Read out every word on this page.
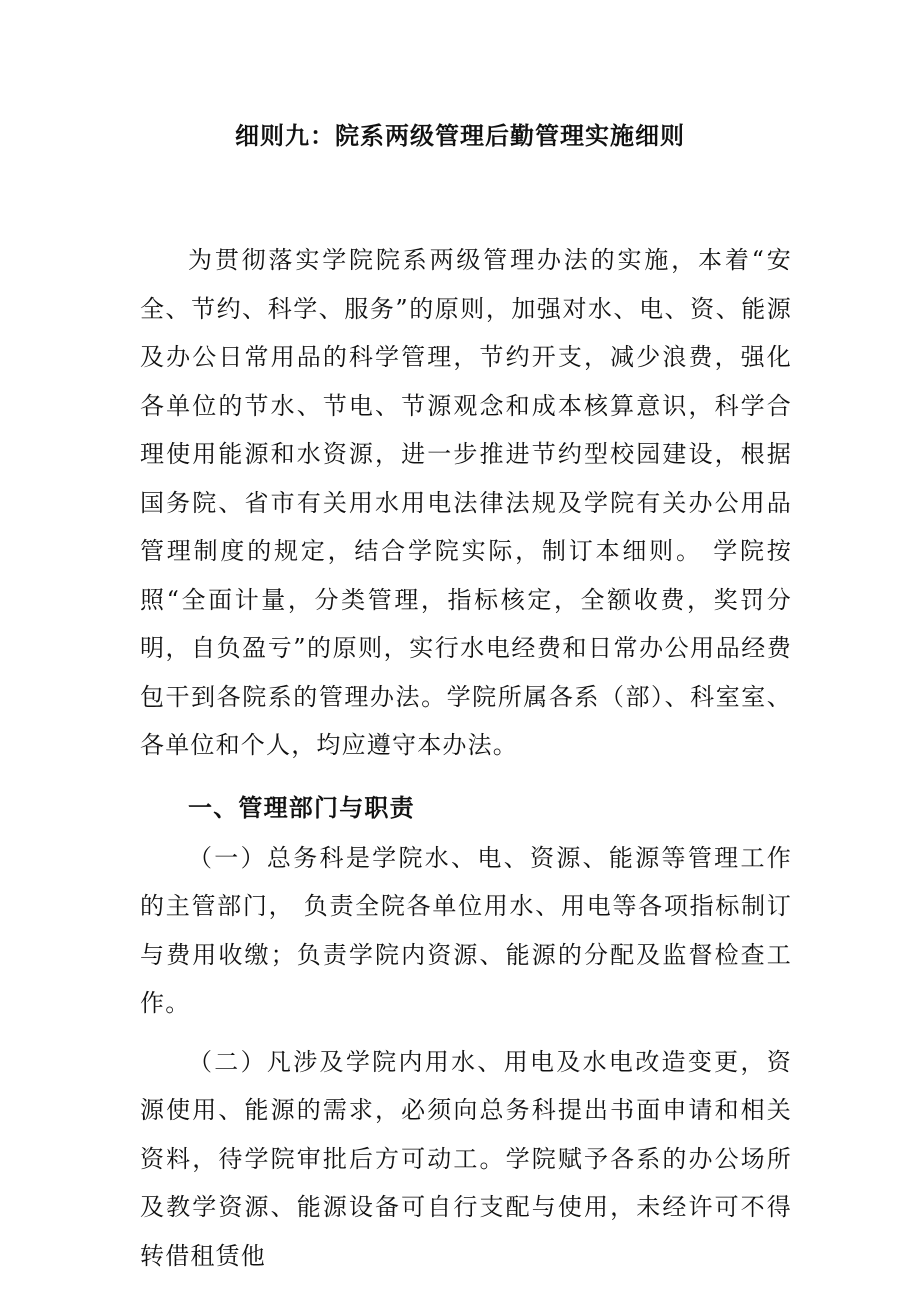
细则九：院系两级管理后勤管理实施细则

为贯彻落实学院院系两级管理办法的实施，本着“安全、节约、科学、服务”的原则，加强对水、电、资、能源及办公日常用品的科学管理，节约开支，减少浪费，强化各单位的节水、节电、节源观念和成本核算意识，科学合理使用能源和水资源，进一步推进节约型校园建设，根据国务院、省市有关用水用电法律法规及学院有关办公用品管理制度的规定，结合学院实际，制订本细则。 学院按照“全面计量，分类管理，指标核定，全额收费，奖罚分明，自负盈亏”的原则，实行水电经费和日常办公用品经费包干到各院系的管理办法。学院所属各系（部）、科室室、各单位和个人，均应遵守本办法。

一、管理部门与职责

（一）总务科是学院水、电、资源、能源等管理工作的主管部门， 负责全院各单位用水、用电等各项指标制订与费用收缴；负责学院内资源、能源的分配及监督检查工作。

（二）凡涉及学院内用水、用电及水电改造变更，资源使用、能源的需求，必须向总务科提出书面申请和相关资料，待学院审批后方可动工。学院赋予各系的办公场所及教学资源、能源设备可自行支配与使用，未经许可不得转借租赁他
